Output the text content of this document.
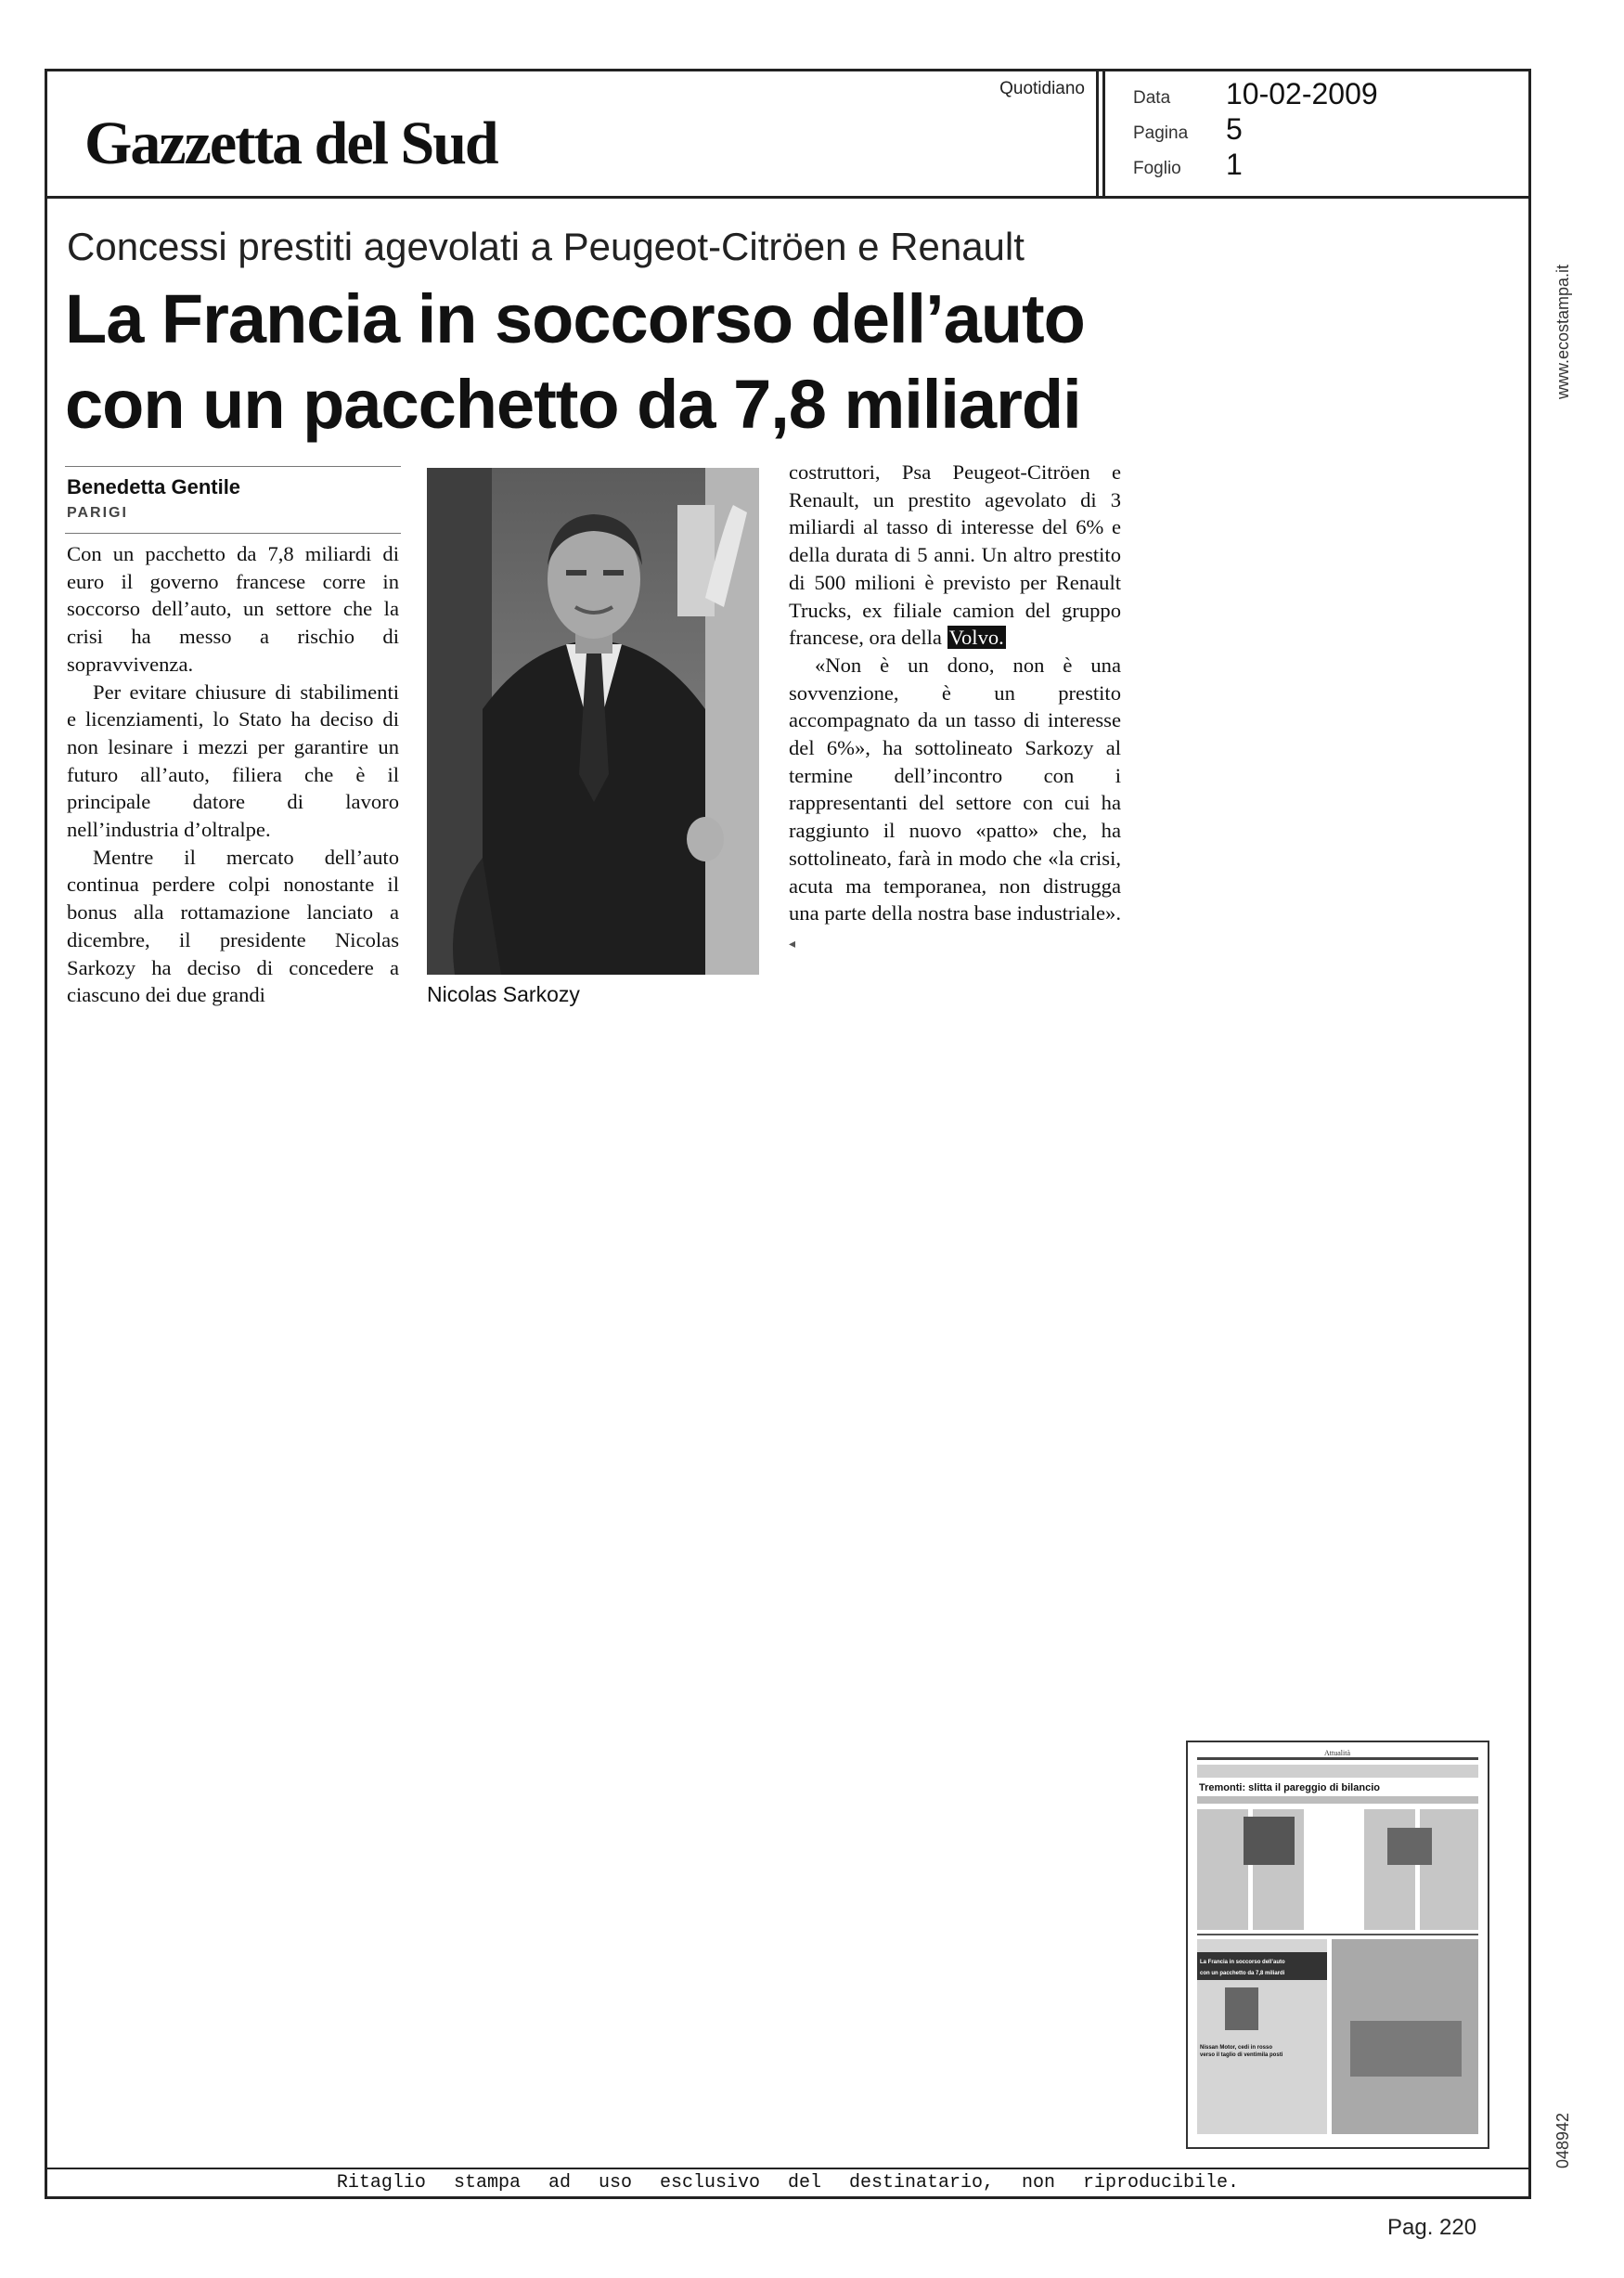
Gazzetta del Sud
Quotidiano	Data 10-02-2009
Pagina 5
Foglio 1
Concessi prestiti agevolati a Peugeot-Citröen e Renault
La Francia in soccorso dell’auto
con un pacchetto da 7,8 miliardi
Benedetta Gentile
PARIGI

Con un pacchetto da 7,8 miliardi di euro il governo francese corre in soccorso dell’auto, un settore che la crisi ha messo a rischio di sopravvivenza.

Per evitare chiusure di stabilimenti e licenziamenti, lo Stato ha deciso di non lesinare i mezzi per garantire un futuro all’auto, filiera che è il principale datore di lavoro nell’industria d’oltralpe.

Mentre il mercato dell’auto continua perdere colpi nonostante il bonus alla rottamazione lanciato a dicembre, il presidente Nicolas Sarkozy ha deciso di concedere a ciascuno dei due grandi	Nicolas Sarkozy

costruttori, Psa Peugeot-Citröen e Renault, un prestito agevolato di 3 miliardi al tasso di interesse del 6% e della durata di 5 anni. Un altro prestito di 500 milioni è previsto per Renault Trucks, ex filiale camion del gruppo francese, ora della Volvo.

«Non è un dono, non è una sovvenzione, è un prestito accompagnato da un tasso di interesse del 6%», ha sottolineato Sarkozy al termine dell’incontro con i rappresentanti del settore con cui ha raggiunto il nuovo «patto» che, ha sottolineato, farà in modo che «la crisi, acuta ma temporanea, non distrugga una parte della nostra base industriale». ◂

Attualità
Tremonti: slitta il pareggio di bilancio
La Francia in soccorso dell’auto
con un pacchetto da 7,8 miliardi
Nissan Motor, cedi in rosso
verso il taglio di ventimila posti
www.ecostampa.it
048942
Ritaglio stampa ad uso esclusivo del destinatario, non riproducibile.
Pag. 220
